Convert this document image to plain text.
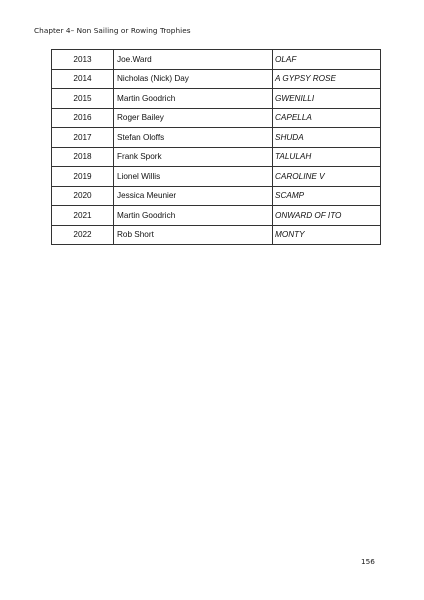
Chapter 4– Non Sailing or Rowing Trophies
2013	Joe.Ward	OLAF
2014	Nicholas (Nick) Day	A GYPSY ROSE
2015	Martin Goodrich	GWENILLI
2016	Roger Bailey	CAPELLA
2017	Stefan Oloffs	SHUDA
2018	Frank Spork	TALULAH
2019	Lionel Willis	CAROLINE V
2020	Jessica Meunier	SCAMP
2021	Martin Goodrich	ONWARD OF ITO
2022	Rob Short	MONTY
156
